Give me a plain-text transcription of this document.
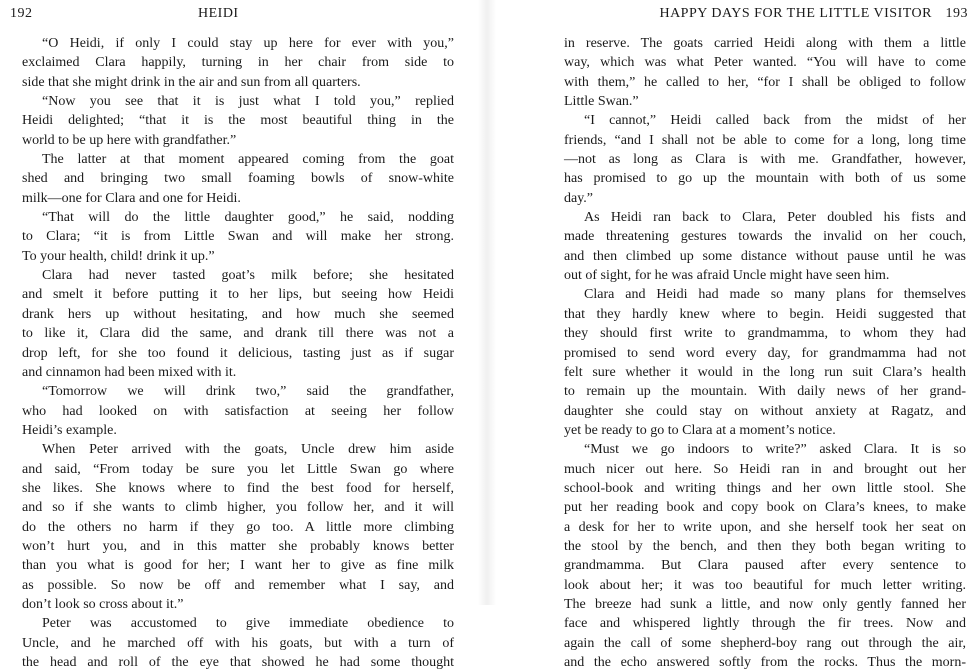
192	HEIDI
“O Heidi, if only I could stay up here for ever with you,”
exclaimed Clara happily, turning in her chair from side to
side that she might drink in the air and sun from all quarters.
“Now you see that it is just what I told you,” replied
Heidi delighted; “that it is the most beautiful thing in the
world to be up here with grandfather.”
The latter at that moment appeared coming from the goat
shed and bringing two small foaming bowls of snow-white
milk—one for Clara and one for Heidi.
“That will do the little daughter good,” he said, nodding
to Clara; “it is from Little Swan and will make her strong.
To your health, child! drink it up.”
Clara had never tasted goat’s milk before; she hesitated
and smelt it before putting it to her lips, but seeing how Heidi
drank hers up without hesitating, and how much she seemed
to like it, Clara did the same, and drank till there was not a
drop left, for she too found it delicious, tasting just as if sugar
and cinnamon had been mixed with it.
“Tomorrow we will drink two,” said the grandfather,
who had looked on with satisfaction at seeing her follow
Heidi’s example.
When Peter arrived with the goats, Uncle drew him aside
and said, “From today be sure you let Little Swan go where
she likes. She knows where to find the best food for herself,
and so if she wants to climb higher, you follow her, and it will
do the others no harm if they go too. A little more climbing
won’t hurt you, and in this matter she probably knows better
than you what is good for her; I want her to give as fine milk
as possible. So now be off and remember what I say, and
don’t look so cross about it.”
Peter was accustomed to give immediate obedience to
Uncle, and he marched off with his goats, but with a turn of
the head and roll of the eye that showed he had some thought
HAPPY DAYS FOR THE LITTLE VISITOR 193
in reserve. The goats carried Heidi along with them a little
way, which was what Peter wanted. “You will have to come
with them,” he called to her, “for I shall be obliged to follow
Little Swan.”
“I cannot,” Heidi called back from the midst of her
friends, “and I shall not be able to come for a long, long time
—not as long as Clara is with me. Grandfather, however,
has promised to go up the mountain with both of us some
day.”
As Heidi ran back to Clara, Peter doubled his fists and
made threatening gestures towards the invalid on her couch,
and then climbed up some distance without pause until he was
out of sight, for he was afraid Uncle might have seen him.
Clara and Heidi had made so many plans for themselves
that they hardly knew where to begin. Heidi suggested that
they should first write to grandmamma, to whom they had
promised to send word every day, for grandmamma had not
felt sure whether it would in the long run suit Clara’s health
to remain up the mountain. With daily news of her grand-
daughter she could stay on without anxiety at Ragatz, and
yet be ready to go to Clara at a moment’s notice.
“Must we go indoors to write?” asked Clara. It is so
much nicer out here. So Heidi ran in and brought out her
school-book and writing things and her own little stool. She
put her reading book and copy book on Clara’s knees, to make
a desk for her to write upon, and she herself took her seat on
the stool by the bench, and then they both began writing to
grandmamma. But Clara paused after every sentence to
look about her; it was too beautiful for much letter writing.
The breeze had sunk a little, and now only gently fanned her
face and whispered lightly through the fir trees. Now and
again the call of some shepherd-boy rang out through the air,
and the echo answered softly from the rocks. Thus the morn-
